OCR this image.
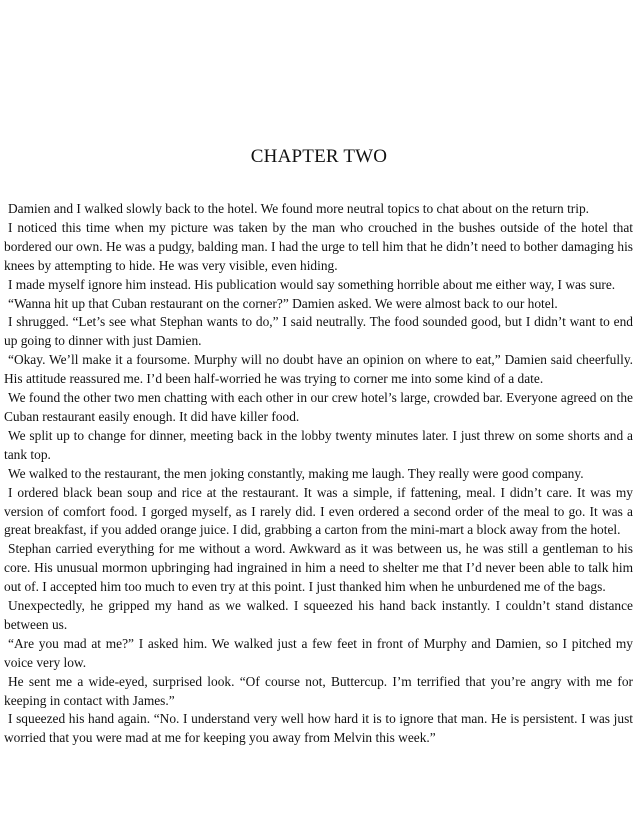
CHAPTER TWO

Damien and I walked slowly back to the hotel. We found more neutral topics to chat about on the return trip.

I noticed this time when my picture was taken by the man who crouched in the bushes outside of the hotel that bordered our own. He was a pudgy, balding man. I had the urge to tell him that he didn’t need to bother damaging his knees by attempting to hide. He was very visible, even hiding.

I made myself ignore him instead. His publication would say something horrible about me either way, I was sure.

“Wanna hit up that Cuban restaurant on the corner?” Damien asked. We were almost back to our hotel.

I shrugged. “Let’s see what Stephan wants to do,” I said neutrally. The food sounded good, but I didn’t want to end up going to dinner with just Damien.

“Okay. We’ll make it a foursome. Murphy will no doubt have an opinion on where to eat,” Damien said cheerfully. His attitude reassured me. I’d been half-worried he was trying to corner me into some kind of a date.

We found the other two men chatting with each other in our crew hotel’s large, crowded bar. Everyone agreed on the Cuban restaurant easily enough. It did have killer food.

We split up to change for dinner, meeting back in the lobby twenty minutes later. I just threw on some shorts and a tank top.

We walked to the restaurant, the men joking constantly, making me laugh. They really were good company.

I ordered black bean soup and rice at the restaurant. It was a simple, if fattening, meal. I didn’t care. It was my version of comfort food. I gorged myself, as I rarely did. I even ordered a second order of the meal to go. It was a great breakfast, if you added orange juice. I did, grabbing a carton from the mini-mart a block away from the hotel.

Stephan carried everything for me without a word. Awkward as it was between us, he was still a gentleman to his core. His unusual mormon upbringing had ingrained in him a need to shelter me that I’d never been able to talk him out of. I accepted him too much to even try at this point. I just thanked him when he unburdened me of the bags.

Unexpectedly, he gripped my hand as we walked. I squeezed his hand back instantly. I couldn’t stand distance between us.

“Are you mad at me?” I asked him. We walked just a few feet in front of Murphy and Damien, so I pitched my voice very low.

He sent me a wide-eyed, surprised look. “Of course not, Buttercup. I’m terrified that you’re angry with me for keeping in contact with James.”

I squeezed his hand again. “No. I understand very well how hard it is to ignore that man. He is persistent. I was just worried that you were mad at me for keeping you away from Melvin this week.”
